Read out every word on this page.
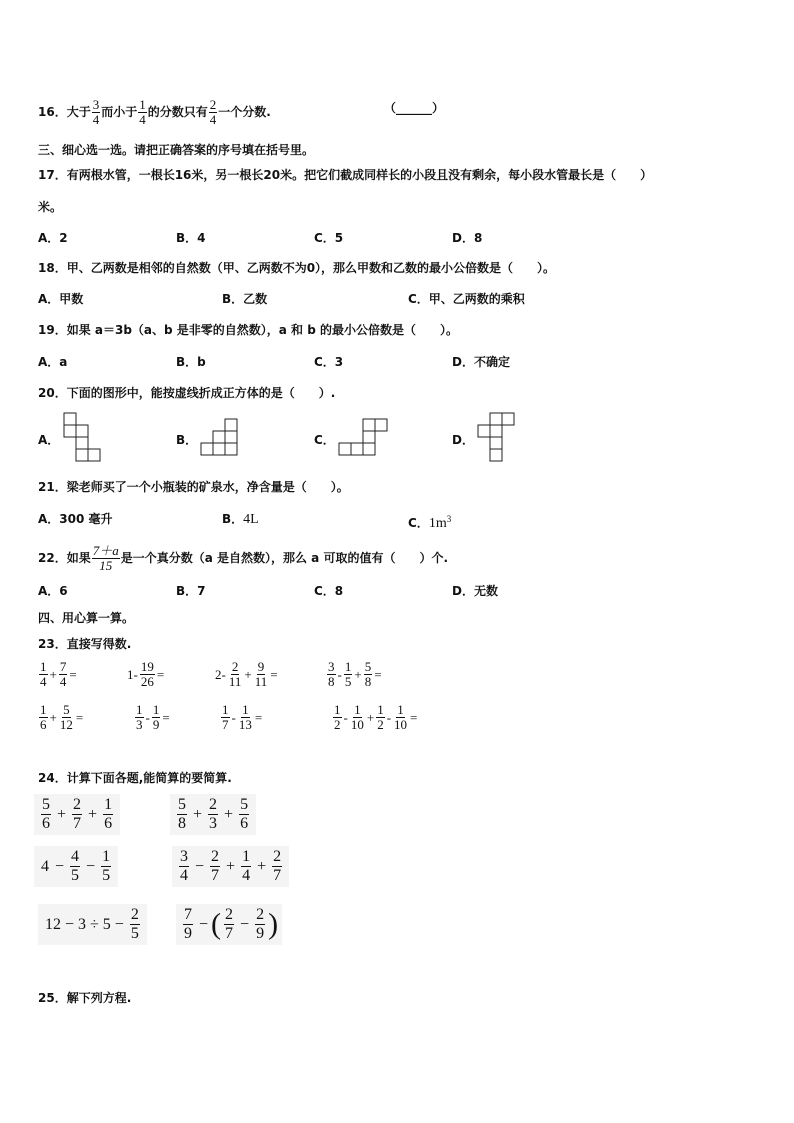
16．大于 $\frac{3}{4}$ 而小于 $\frac{1}{4}$ 的分数只有 $\frac{2}{4}$ 一个分数.	（______）
三、细心选一选。请把正确答案的序号填在括号里。
17．有两根水管，一根长16米，另一根长20米。把它们截成同样长的小段且没有剩余，每小段水管最长是（　　）
米。
A．2	B．4	C．5	D．8
18．甲、乙两数是相邻的自然数（甲、乙两数不为0），那么甲数和乙数的最小公倍数是（　　）。
A．甲数	B．乙数	C．甲、乙两数的乘积
19．如果 a＝3b（a、b 是非零的自然数），a 和 b 的最小公倍数是（　　）。
A．a	B．b	C．3	D．不确定
20．下面的图形中，能按虚线折成正方体的是（　　）.
A．	B．	C．	D．
21．梁老师买了一个小瓶装的矿泉水，净含量是（　　）。
A．300 毫升	B．4L	C．$1m^3$
22．如果 $\frac{7+a}{15}$ 是一个真分数（a 是自然数），那么 a 可取的值有（　　）个.
A．6	B．7	C．8	D．无数
四、用心算一算。
23．直接写得数.
$\frac{1}{4} + \frac{7}{4}$ =	$1- \frac{19}{26}$ =	$2- \frac{2}{11} + \frac{9}{11}$ =	$\frac{3}{8} - \frac{1}{5} + \frac{5}{8}$ =
$\frac{1}{6} + \frac{5}{12}$ =	$\frac{1}{3} - \frac{1}{9}$ =	$\frac{1}{7} - \frac{1}{13}$ =	$\frac{1}{2} - \frac{1}{10} + \frac{1}{2} - \frac{1}{10}$ =
24．计算下面各题,能简算的要简算.
$\frac{5}{6} + \frac{2}{7} + \frac{1}{6}$	$\frac{5}{8} + \frac{2}{3} + \frac{5}{6}$
$4 - \frac{4}{5} - \frac{1}{5}$	$\frac{3}{4} - \frac{2}{7} + \frac{1}{4} + \frac{2}{7}$
$12 - 3 \div 5 - \frac{2}{5}$	$\frac{7}{9}$ − ( $\frac{2}{7} - \frac{2}{9}$ )
25．解下列方程.
